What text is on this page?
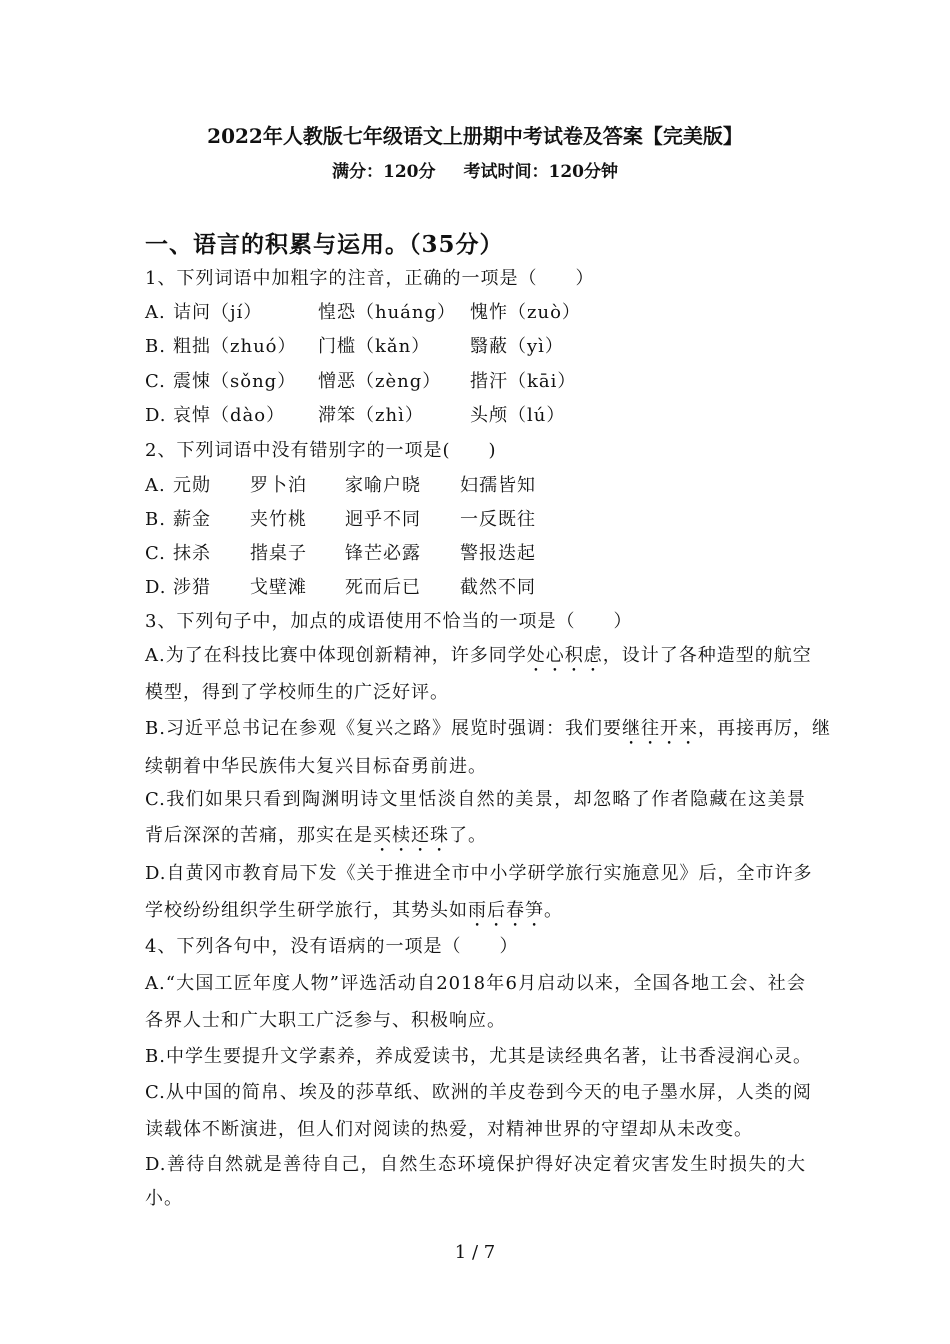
2022年人教版七年级语文上册期中考试卷及答案【完美版】
满分：120分 考试时间：120分钟
一、语言的积累与运用。（35分）
1、下列词语中加粗字的注音，正确的一项是（　　）
A. 诘问（jí）	惶恐（huáng） 愧怍（zuò）
B. 粗拙（zhuó） 门槛（kǎn） 翳蔽（yì）
C. 震悚（sǒng） 憎恶（zèng） 揩汗（kāi）
D. 哀悼（dào） 滞笨（zhì）	头颅（lú）
2、下列词语中没有错别字的一项是(　　)
A. 元勋 罗卜泊 家喻户晓 妇孺皆知
B. 薪金 夹竹桃 迥乎不同 一反既往
C. 抹杀 揩桌子 锋芒必露 警报迭起
D. 涉猎 戈壁滩 死而后已 截然不同
3、下列句子中，加点的成语使用不恰当的一项是（　　）
A.为了在科技比赛中体现创新精神，许多同学处心积虑，设计了各种造型的航空
模型，得到了学校师生的广泛好评。
B.习近平总书记在参观《复兴之路》展览时强调：我们要继往开来，再接再厉，继
续朝着中华民族伟大复兴目标奋勇前进。
C.我们如果只看到陶渊明诗文里恬淡自然的美景，却忽略了作者隐藏在这美景
背后深深的苦痛，那实在是买椟还珠了。
D.自黄冈市教育局下发《关于推进全市中小学研学旅行实施意见》后，全市许多
学校纷纷组织学生研学旅行，其势头如雨后春笋。
4、下列各句中，没有语病的一项是（　　）
A.“大国工匠年度人物”评选活动自2018年6月启动以来，全国各地工会、社会
各界人士和广大职工广泛参与、积极响应。
B.中学生要提升文学素养，养成爱读书，尤其是读经典名著，让书香浸润心灵。
C.从中国的简帛、埃及的莎草纸、欧洲的羊皮卷到今天的电子墨水屏，人类的阅
读载体不断演进，但人们对阅读的热爱，对精神世界的守望却从未改变。
D.善待自然就是善待自己，自然生态环境保护得好决定着灾害发生时损失的大
小。
1 / 7
